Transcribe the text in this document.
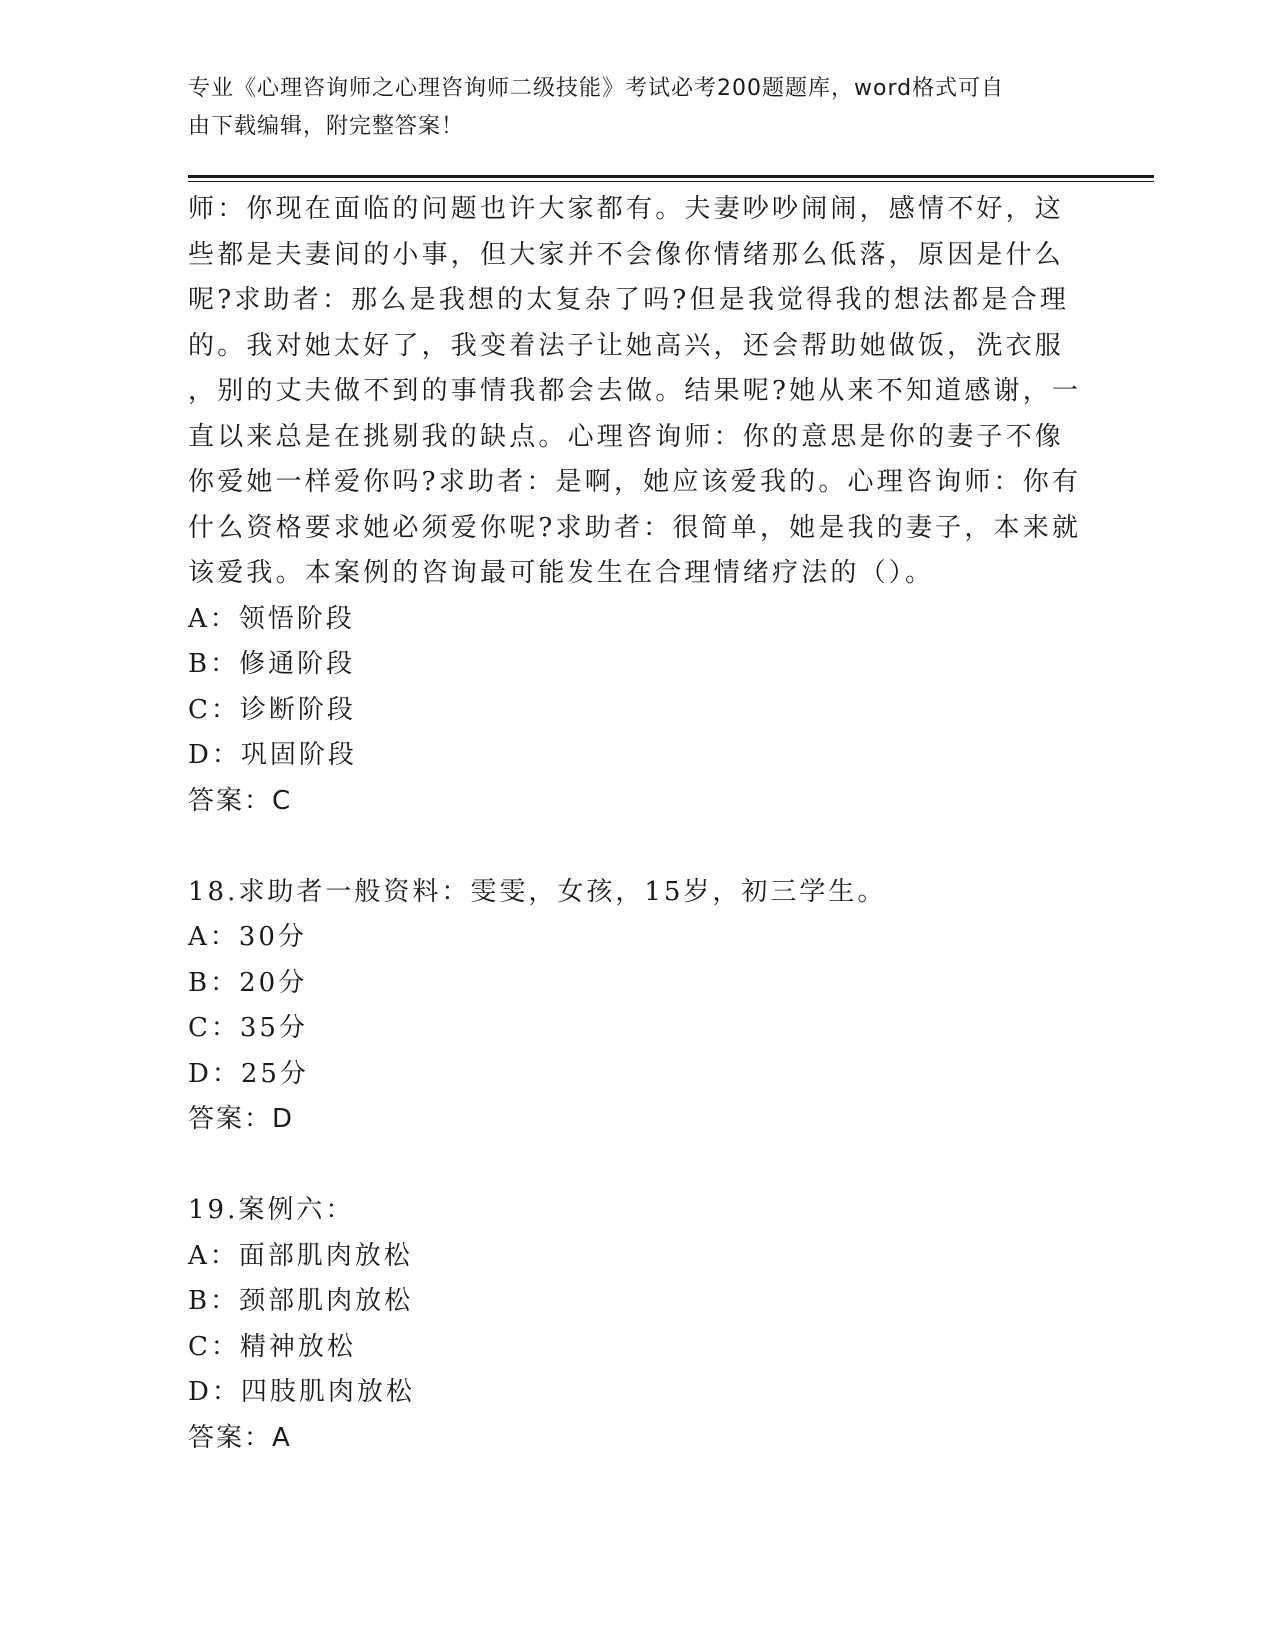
专业《心理咨询师之心理咨询师二级技能》考试必考200题题库，word格式可自
由下载编辑，附完整答案！

师：你现在面临的问题也许大家都有。夫妻吵吵闹闹，感情不好，这

些都是夫妻间的小事，但大家并不会像你情绪那么低落，原因是什么

呢?求助者：那么是我想的太复杂了吗?但是我觉得我的想法都是合理

的。我对她太好了，我变着法子让她高兴，还会帮助她做饭，洗衣服

，别的丈夫做不到的事情我都会去做。结果呢?她从来不知道感谢，一

直以来总是在挑剔我的缺点。心理咨询师：你的意思是你的妻子不像

你爱她一样爱你吗?求助者：是啊，她应该爱我的。心理咨询师：你有

什么资格要求她必须爱你呢?求助者：很简单，她是我的妻子，本来就

该爱我。本案例的咨询最可能发生在合理情绪疗法的（）。

A：领悟阶段

B：修通阶段

C：诊断阶段

D：巩固阶段

答案：C

18.求助者一般资料：雯雯，女孩，15岁，初三学生。

A：30分

B：20分

C：35分

D：25分

答案：D

19.案例六：

A：面部肌肉放松

B：颈部肌肉放松

C：精神放松

D：四肢肌肉放松

答案：A
